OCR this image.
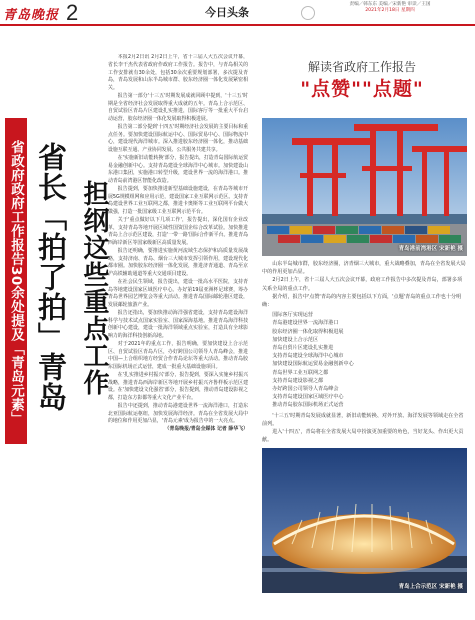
青岛晚报 2	今日头条
责编／韩东东 美编／宋新艳 审读／王国
2021年2月18日 星期四
省政府政府工作报告30余处提及「青岛元素」 省长「拍了拍」青岛 担纲这些重点工作

本报2月2日讯 2月2日上午，省十三届人大五次会议开幕，省长李干杰代表省政府作政府工作报告。报告中，与青岛相关的工作安排就有30余处，包括30余次重要规划部署，多次提及青岛，青岛发展和山东半岛城市群、胶东经济圈一体化发展紧密相关。

报告第一部分'十三五'时期发展成就回顾中提到，'十三五'时期是全省经济社会发展取得重大成就的五年。青岛上合示范区、自贸试验区青岛片区建设扎实推进，国际客厅等一批重大平台启动运营，胶东经济圈一体化发展取得积极进展。

报告第二部分提到'十四五'时期经济社会发展的主要目标和重点任务。要加快建设国际航运中心、国际贸易中心、国际物流中心，建设现代海洋城市。深入推进胶东经济圈一体化，推动基础设施互联互通、产业协同发展、公共服务共建共享。

在'实施新旧动能转换'部分，报告提出，打造青岛国际航运贸易金融创新中心。支持青岛建设全球海洋中心城市。加快建设山东港口集团，实施港口转型升级，建设世界一流的海洋港口。推动青岛前湾港区智能化改造。

报告提到，要加快推进新型基础设施建设，在青岛等城市开展5G规模组网和应用示范，建设国家工业互联网示范区。支持青岛建设世界工业互联网之都，推进卡奥斯等工业互联网平台做大做强，打造一批国家级工业互联网示范平台。

关于'重点做好以下几项工作'，报告提出，深化国有企业改革，支持青岛等地开展区域性国资国企综合改革试验。加快推进青岛上合示范区建设，打造'一带一路'国际合作新平台。推进青岛西海岸新区等国家级新区高质量发展。

报告还明确，要推进实施黄河流域生态保护和高质量发展战略，支持济南、青岛、烟台三大城市发挥引领作用，建设现代化都市圈。加快胶东经济圈一体化发展，推进济青通道、青岛至京沪高铁辅助通道等重大交通项目建设。

在社会民生领域，报告提出，建设一批高水平医院，支持青岛等地建设国家区域医疗中心。办好第19届亚洲杯足球赛，筹办青岛世界园艺博览会等重大活动。推进青岛国际邮轮港区建设，发展邮轮旅游产业。

报告还指出，要加快推动海洋强省建设，支持青岛建设海洋科学与技术试点国家实验室、国家深海基地。推进青岛海洋科技创新中心建设，建设一批海洋领域重点实验室，打造具有全球影响力的海洋科技创新高地。

对于2021年的重点工作，报告明确，要加快建设上合示范区、自贸试验区青岛片区，办好跨国公司领导人青岛峰会，推进中国—上合组织地方经贸合作青岛论坛等重大活动。推动青岛胶东国际机场正式运营，建成一批重大基础设施项目。

在'扎实推进乡村振兴'部分，报告提到，要深入实施乡村振兴战略，推进青岛西海岸新区等地开展乡村振兴齐鲁样板示范区建设。在'加快建设文化强省'部分，报告提到，推动青岛建设影视之都，打造东方影都等重大文化产业平台。

报告中还提到，推动青岛港建设世界一流海洋港口，打造东北亚国际航运枢纽，加快发展海洋经济。青岛在全省发展大局中的地位和作用更加凸显，'青岛元素'成为报告中的一大亮点。

（青岛晚报/青岛全媒体 记者 薛华飞）
解读省政府工作报告
"点赞""点题"
青岛港前湾港区 宋新艳 摄

山东半岛城市群，胶东经济圈，济青烟三大城市，重大战略叠加，青岛在全省发展大局中的作用更加凸显。

2月2日上午，省十三届人大五次会议开幕，政府工作报告中多次提及青岛，部署多项关系全局的重点工作。

据介绍，报告中'点赞'青岛的内容主要包括以下方面，'点题'青岛的重点工作也十分明确：

国际客厅实现运营
青岛港建设世界一流海洋港口
胶东经济圈一体化取得积极进展
加快建设上合示范区
青岛自贸片区建设扎实推进
支持青岛建设全球海洋中心城市
加快建设国际航运贸易金融创新中心
青岛世界工业互联网之都
支持青岛建设影视之都
办好跨国公司领导人青岛峰会
支持青岛建设国家区域医疗中心
推动青岛胶东国际机场正式运营

'十三五'时期青岛发展成就显著，新旧动能转换、对外开放、海洋发展等领域走在全省前列。

进入'十四五'，青岛将在全省发展大局中扮演更加重要的角色，当好龙头、作出更大贡献。

青岛上合示范区 宋新艳 摄
